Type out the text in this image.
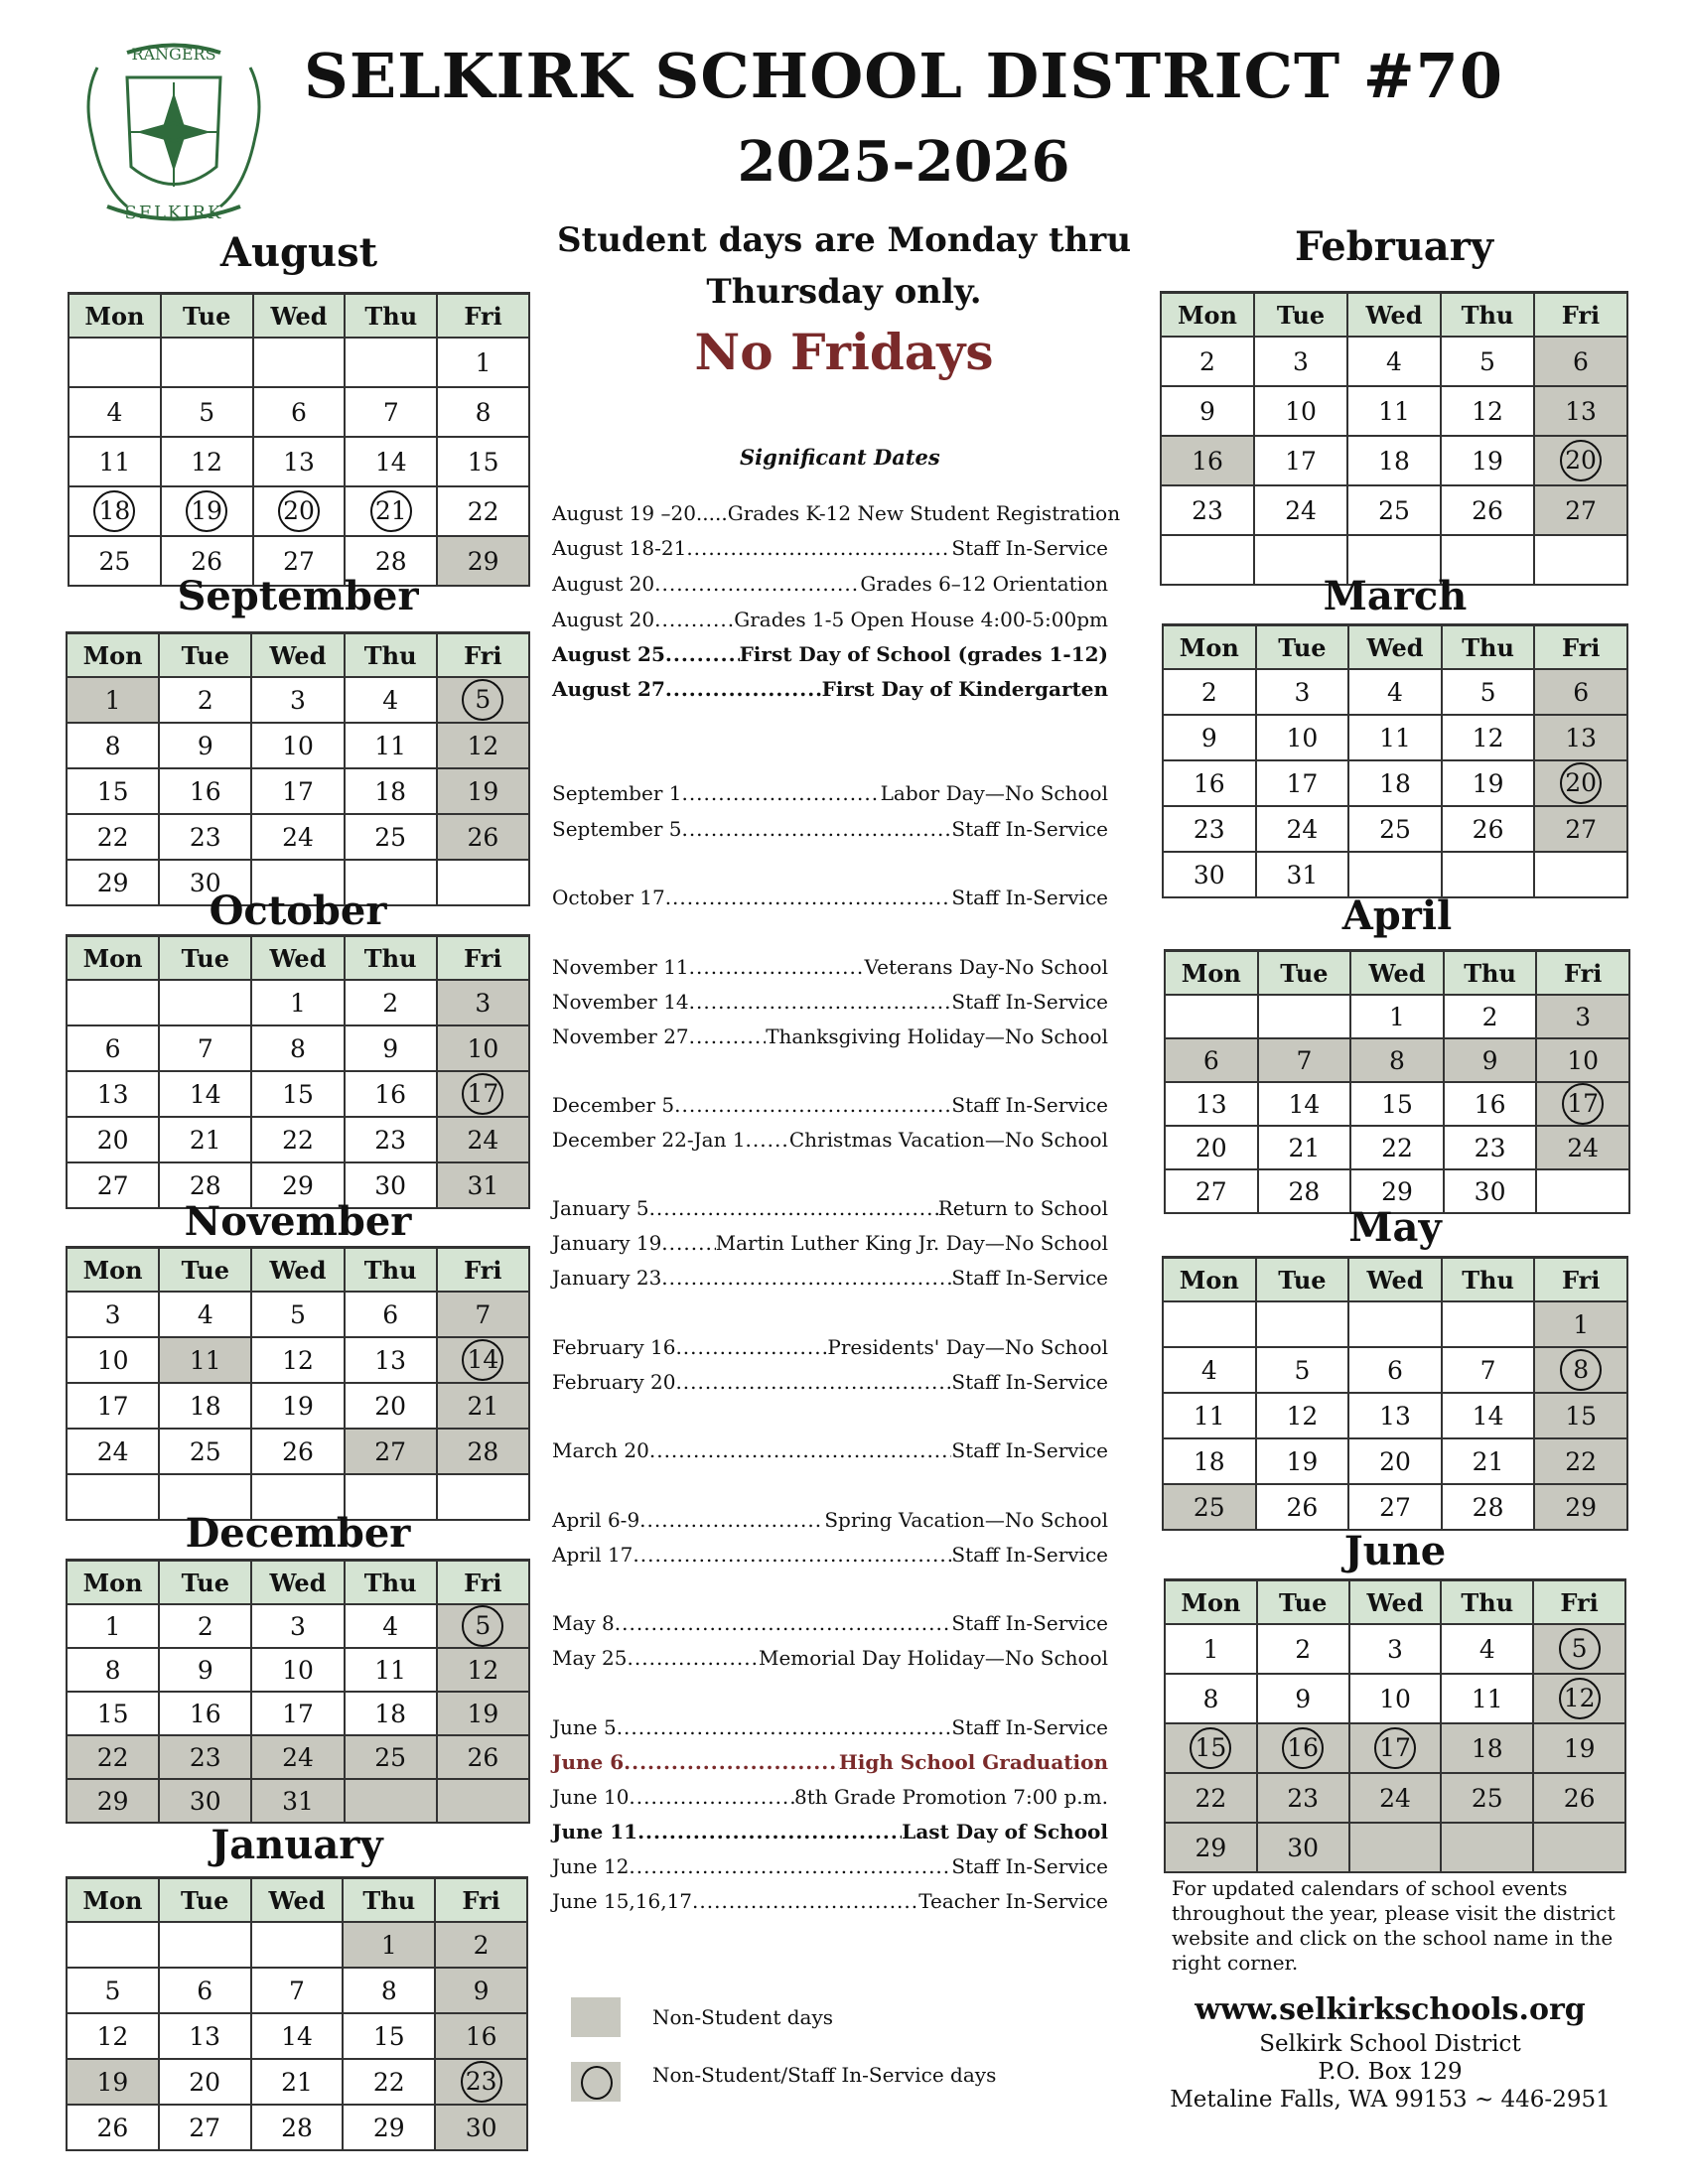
RANGERS
SELKIRK
SELKIRK SCHOOL DISTRICT #70
2025-2026
Student days are Monday thru Thursday only.
No Fridays
August
Mon	Tue	Wed	Thu	Fri
				1
4	5	6	7	8
11	12	13	14	15
18	19	20	21	22
25	26	27	28	29
September
Mon	Tue	Wed	Thu	Fri
1	2	3	4	5
8	9	10	11	12
15	16	17	18	19
22	23	24	25	26
29	30			
October
Mon	Tue	Wed	Thu	Fri
		1	2	3
6	7	8	9	10
13	14	15	16	17
20	21	22	23	24
27	28	29	30	31
November
Mon	Tue	Wed	Thu	Fri
3	4	5	6	7
10	11	12	13	14
17	18	19	20	21
24	25	26	27	28

December
Mon	Tue	Wed	Thu	Fri
1	2	3	4	5
8	9	10	11	12
15	16	17	18	19
22	23	24	25	26
29	30	31		
January
Mon	Tue	Wed	Thu	Fri
			1	2
5	6	7	8	9
12	13	14	15	16
19	20	21	22	23
26	27	28	29	30
February
Mon	Tue	Wed	Thu	Fri
2	3	4	5	6
9	10	11	12	13
16	17	18	19	20
23	24	25	26	27

March
Mon	Tue	Wed	Thu	Fri
2	3	4	5	6
9	10	11	12	13
16	17	18	19	20
23	24	25	26	27
30	31			
April
Mon	Tue	Wed	Thu	Fri
		1	2	3
6	7	8	9	10
13	14	15	16	17
20	21	22	23	24
27	28	29	30	
May
Mon	Tue	Wed	Thu	Fri
				1
4	5	6	7	8
11	12	13	14	15
18	19	20	21	22
25	26	27	28	29
June
Mon	Tue	Wed	Thu	Fri
1	2	3	4	5
8	9	10	11	12
15	16	17	18	19
22	23	24	25	26
29	30			
Significant Dates
August 19 –20..... Grades K-12 New Student Registration
August 18-21 .....	Staff In-Service
August 20 .....	Grades 6–12 Orientation
August 20 .....	Grades 1-5 Open House 4:00-5:00pm
August 25 .....	First Day of School (grades 1-12)
August 27 .....	First Day of Kindergarten
September 1 .....	Labor Day—No School
September 5 .....	Staff In-Service
October 17 .....	Staff In-Service
November 11 .....	Veterans Day-No School
November 14 .....	Staff In-Service
November 27 .....	Thanksgiving Holiday—No School
December 5 .....	Staff In-Service
December 22-Jan 1 ..... Christmas Vacation—No School
January 5 .....	Return to School
January 19 .....	Martin Luther King Jr. Day—No School
January 23 .....	Staff In-Service
February 16 .....	Presidents' Day—No School
February 20 .....	Staff In-Service
March 20 .....	Staff In-Service
April 6-9 .....	Spring Vacation—No School
April 17 .....	Staff In-Service
May 8 .....	Staff In-Service
May 25 .....	Memorial Day Holiday—No School
June 5 .....	Staff In-Service
June 6 .....	High School Graduation
June 10 .....	8th Grade Promotion 7:00 p.m.
June 11 .....	Last Day of School
June 12 .....	Staff In-Service
June 15,16,17 .....	Teacher In-Service
Non-Student days
Non-Student/Staff In-Service days
For updated calendars of school events throughout the year, please visit the district website and click on the school name in the right corner.
www.selkirkschools.org
Selkirk School District
P.O. Box 129
Metaline Falls, WA 99153 ~ 446-2951
